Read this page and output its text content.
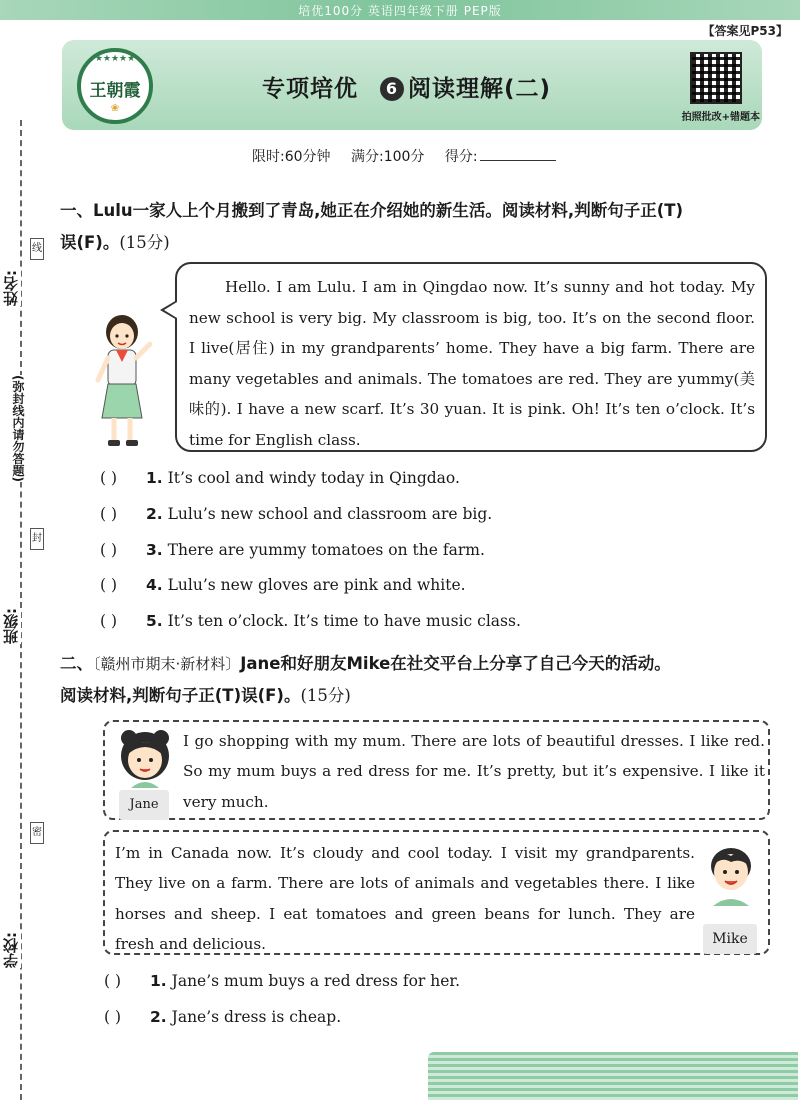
培优100分 英语四年级下册 PEP版
【答案见P53】
★★★★★
王朝霞
❀
专项培优 6 阅读理解(二)
拍照批改+错题本
限时:60分钟 满分:100分 得分:
姓名:
线
(弥封线内请勿答题)
封
班级:
密
学校:
一、Lulu一家人上个月搬到了青岛,她正在介绍她的新生活。阅读材料,判断句子正(T)
误(F)。(15分)

Hello. I am Lulu. I am in Qingdao now. It’s sunny and hot today. My new school is very big. My classroom is big, too. It’s on the second floor. I live(居住) in my grandparents’ home. They have a big farm. There are many vegetables and animals. The tomatoes are red. They are yummy(美味的). I have a new scarf. It’s 30 yuan. It is pink. Oh! It’s ten o’clock. It’s time for English class.

( ) 1. It’s cool and windy today in Qingdao.
( ) 2. Lulu’s new school and classroom are big.
( ) 3. There are yummy tomatoes on the farm.
( ) 4. Lulu’s new gloves are pink and white.
( ) 5. It’s ten o’clock. It’s time to have music class.
二、〔赣州市期末·新材料〕Jane和好朋友Mike在社交平台上分享了自己今天的活动。
阅读材料,判断句子正(T)误(F)。(15分)
Jane
I go shopping with my mum. There are lots of beautiful dresses. I like red. So my mum buys a red dress for me. It’s pretty, but it’s expensive. I like it very much.
I’m in Canada now. It’s cloudy and cool today. I visit my grandparents. They live on a farm. There are lots of animals and vegetables there. I like horses and sheep. I eat tomatoes and green beans for lunch. They are fresh and delicious.	Mike
( ) 1. Jane’s mum buys a red dress for her.
( ) 2. Jane’s dress is cheap.
